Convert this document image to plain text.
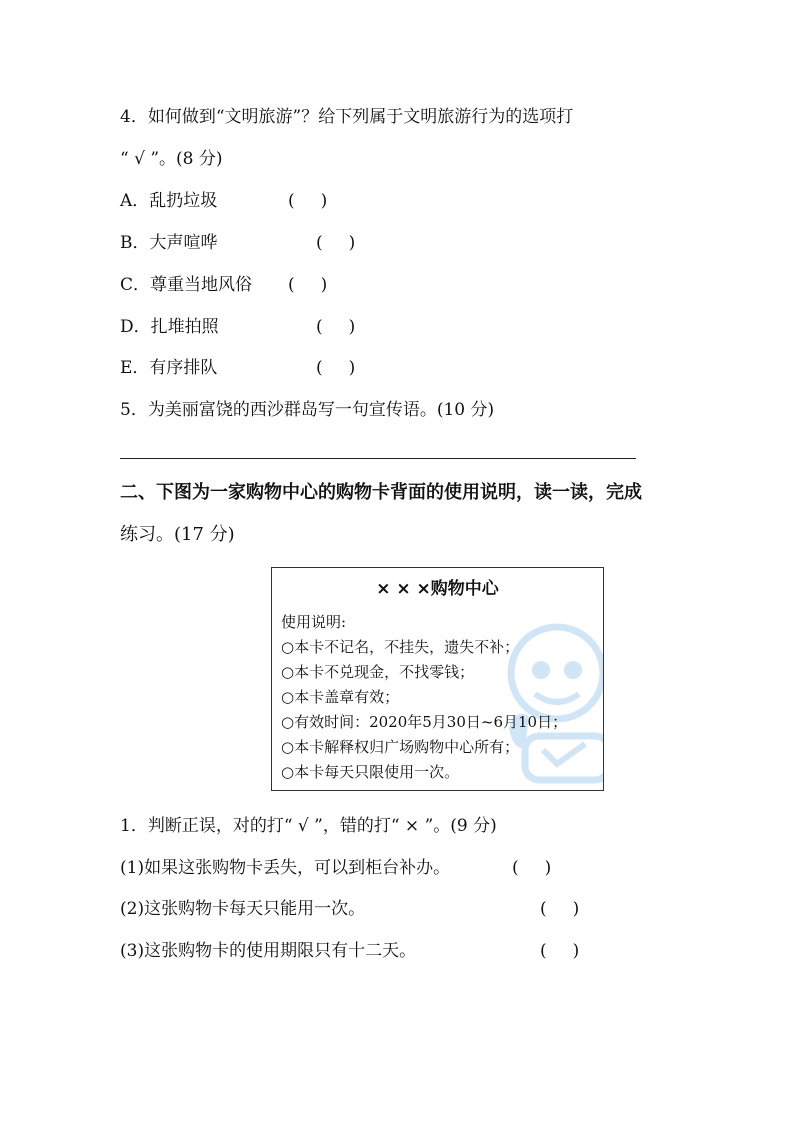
4．如何做到“文明旅游”？给下列属于文明旅游行为的选项打
“ √ ”。(8 分)
A．乱扔垃圾	( )
B．大声喧哗	( )
C．尊重当地风俗 ( )
D．扎堆拍照	( )
E．有序排队	( )
5．为美丽富饶的西沙群岛写一句宣传语。(10 分)
二、下图为一家购物中心的购物卡背面的使用说明，读一读，完成
练习。(17 分)
× × ×购物中心
使用说明:
○本卡不记名，不挂失，遗失不补；
○本卡不兑现金，不找零钱；
○本卡盖章有效；
○有效时间：2020年5月30日~6月10日；
○本卡解释权归广场购物中心所有；
○本卡每天只限使用一次。
1．判断正误，对的打“ √ ”，错的打“ × ”。(9 分)
(1)如果这张购物卡丢失，可以到柜台补办。	( )
(2)这张购物卡每天只能用一次。	( )
(3)这张购物卡的使用期限只有十二天。	( )
